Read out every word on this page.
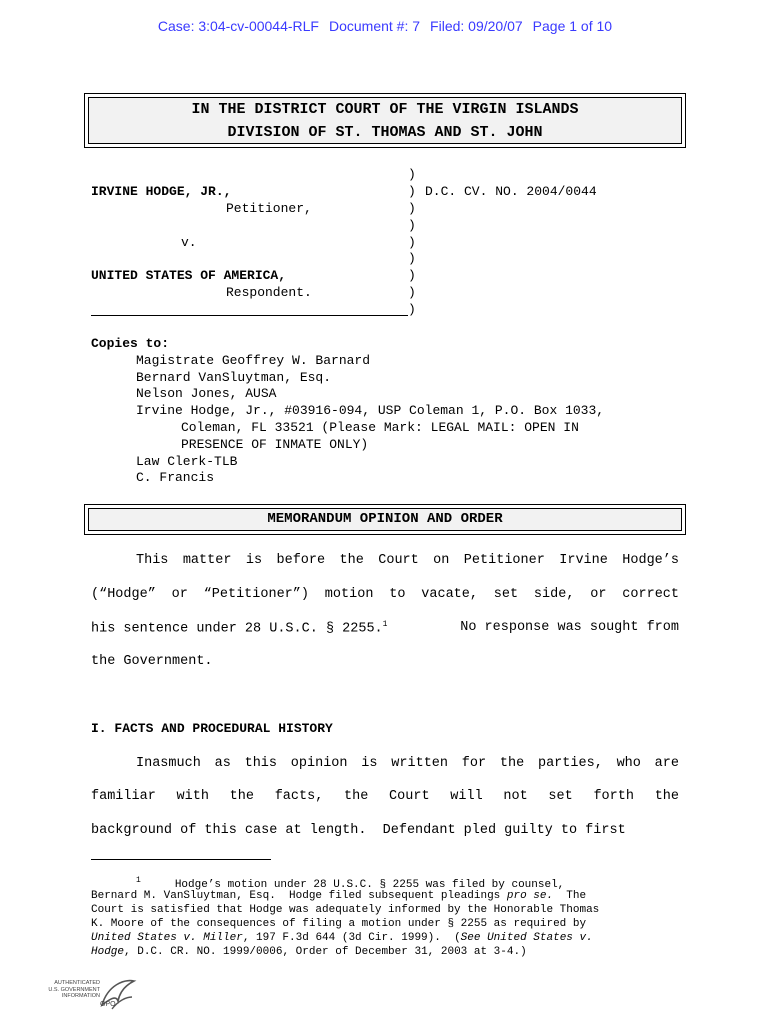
Case: 3:04-cv-00044-RLF Document #: 7 Filed: 09/20/07 Page 1 of 10
IN THE DISTRICT COURT OF THE VIRGIN ISLANDS
DIVISION OF ST. THOMAS AND ST. JOHN
)
IRVINE HODGE, JR.,	) D.C. CV. NO. 2004/0044
Petitioner,	)
)
v.	)
)
UNITED STATES OF AMERICA,	)
Respondent.	)
)
Copies to:
Magistrate Geoffrey W. Barnard
Bernard VanSluytman, Esq.
Nelson Jones, AUSA
Irvine Hodge, Jr., #03916-094, USP Coleman 1, P.O. Box 1033,
Coleman, FL 33521 (Please Mark: LEGAL MAIL: OPEN IN
PRESENCE OF INMATE ONLY)
Law Clerk-TLB
C. Francis
MEMORANDUM OPINION AND ORDER
This matter is before the Court on Petitioner Irvine Hodge’s
(“Hodge” or “Petitioner”) motion to vacate, set side, or correct
his sentence under 28 U.S.C. § 2255.$^1$	No response was sought from
the Government.
I. FACTS AND PROCEDURAL HISTORY
Inasmuch as this opinion is written for the parties, who are
familiar with the facts, the Court will not set forth the
background of this case at length.  Defendant pled guilty to first
$^1$	Hodge’s motion under 28 U.S.C. § 2255 was filed by counsel,
Bernard M. VanSluytman, Esq.  Hodge filed subsequent pleadings pro se.  The
Court is satisfied that Hodge was adequately informed by the Honorable Thomas
K. Moore of the consequences of filing a motion under § 2255 as required by
United States v. Miller, 197 F.3d 644 (3d Cir. 1999).  (See United States v.
Hodge, D.C. CR. NO. 1999/0006, Order of December 31, 2003 at 3-4.)
AUTHENTICATED
U.S. GOVERNMENT
INFORMATION
GPO
